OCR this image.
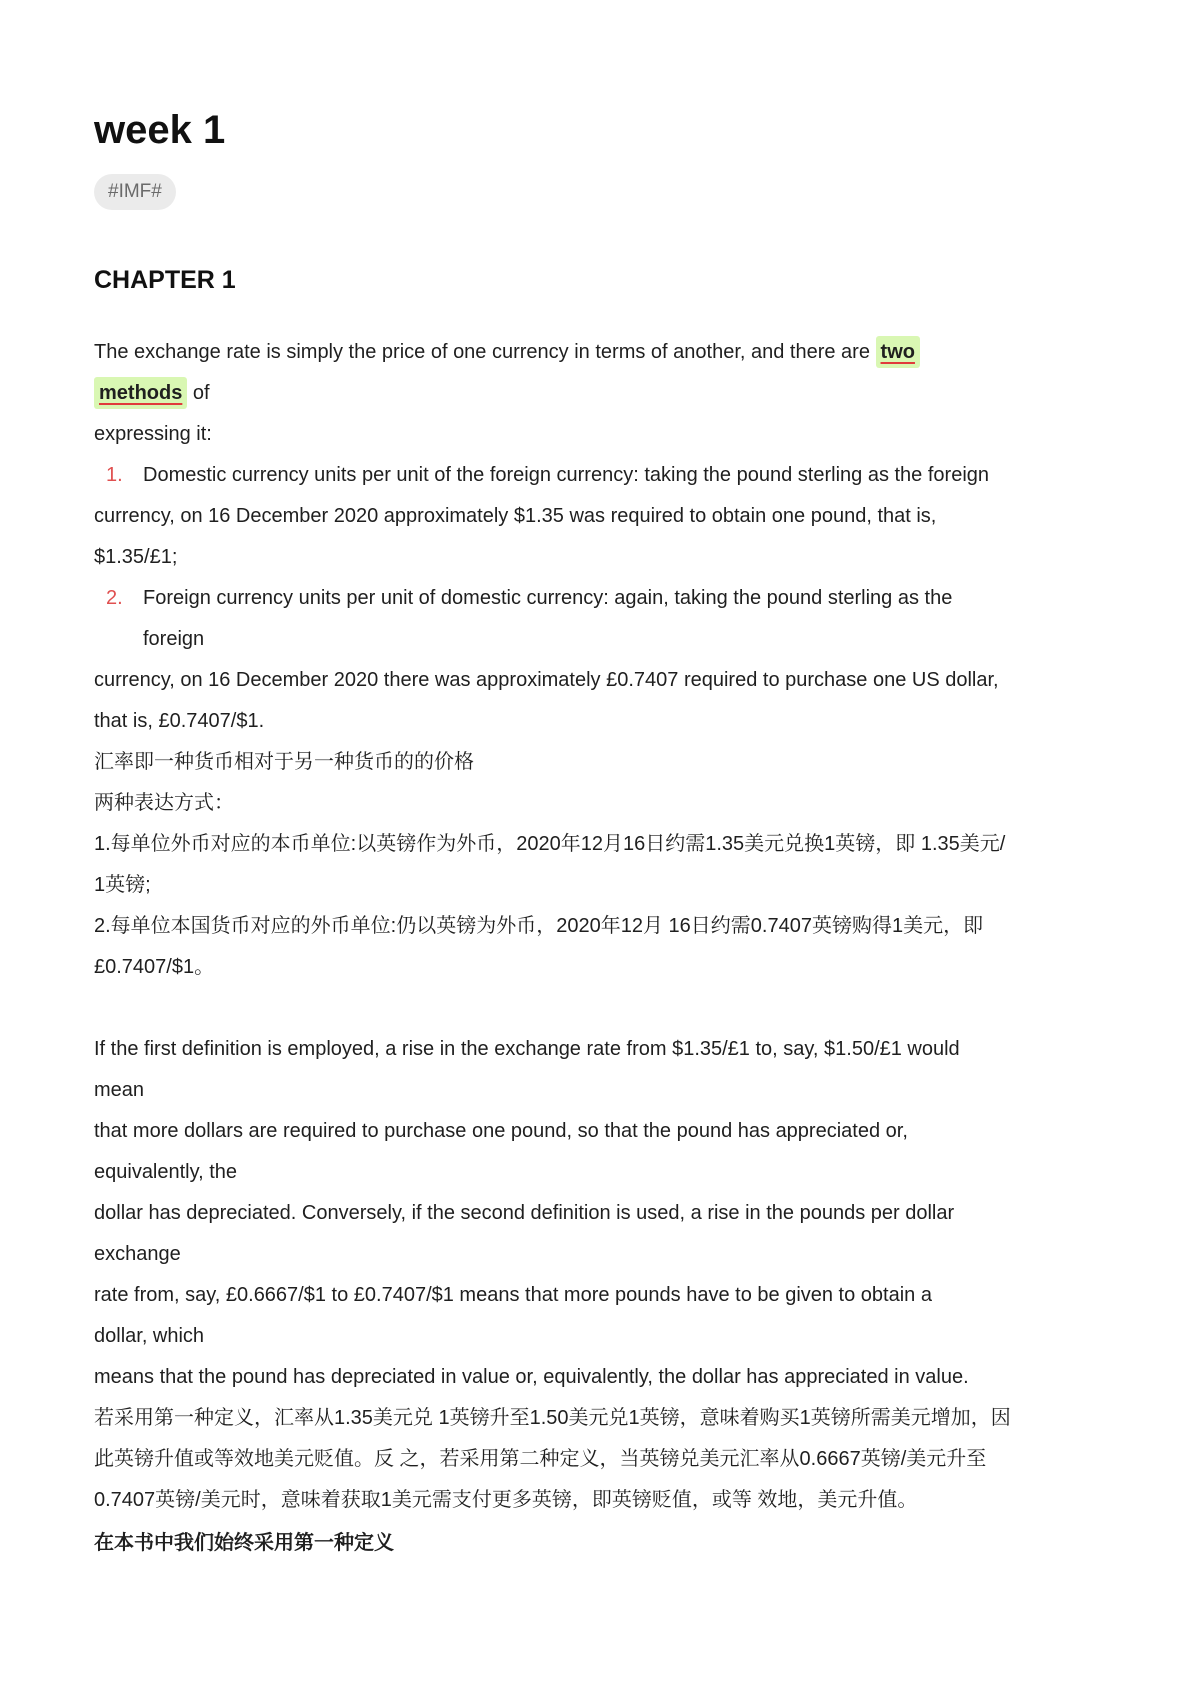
week 1
#IMF#
CHAPTER 1
The exchange rate is simply the price of one currency in terms of another, and there are two
methods of
expressing it:
1. Domestic currency units per unit of the foreign currency: taking the pound sterling as the foreign
currency, on 16 December 2020 approximately $1.35 was required to obtain one pound, that is,
$1.35/£1;
2. Foreign currency units per unit of domestic currency: again, taking the pound sterling as the
foreign
currency, on 16 December 2020 there was approximately £0.7407 required to purchase one US dollar,
that is, £0.7407/$1.
汇率即一种货币相对于另一种货币的的价格
两种表达方式：
1.每单位外币对应的本币单位:以英镑作为外币，2020年12月16日约需1.35美元兑换1英镑，即 1.35美元/
1英镑;
2.每单位本国货币对应的外币单位:仍以英镑为外币，2020年12月 16日约需0.7407英镑购得1美元，即
£0.7407/$1。
If the first definition is employed, a rise in the exchange rate from $1.35/£1 to, say, $1.50/£1 would
mean
that more dollars are required to purchase one pound, so that the pound has appreciated or,
equivalently, the
dollar has depreciated. Conversely, if the second definition is used, a rise in the pounds per dollar
exchange
rate from, say, £0.6667/$1 to £0.7407/$1 means that more pounds have to be given to obtain a
dollar, which
means that the pound has depreciated in value or, equivalently, the dollar has appreciated in value.
若采用第一种定义，汇率从1.35美元兑 1英镑升至1.50美元兑1英镑，意味着购买1英镑所需美元增加，因
此英镑升值或等效地美元贬值。反 之，若采用第二种定义，当英镑兑美元汇率从0.6667英镑/美元升至
0.7407英镑/美元时，意味着获取1美元需支付更多英镑，即英镑贬值，或等 效地，美元升值。
在本书中我们始终采用第一种定义
